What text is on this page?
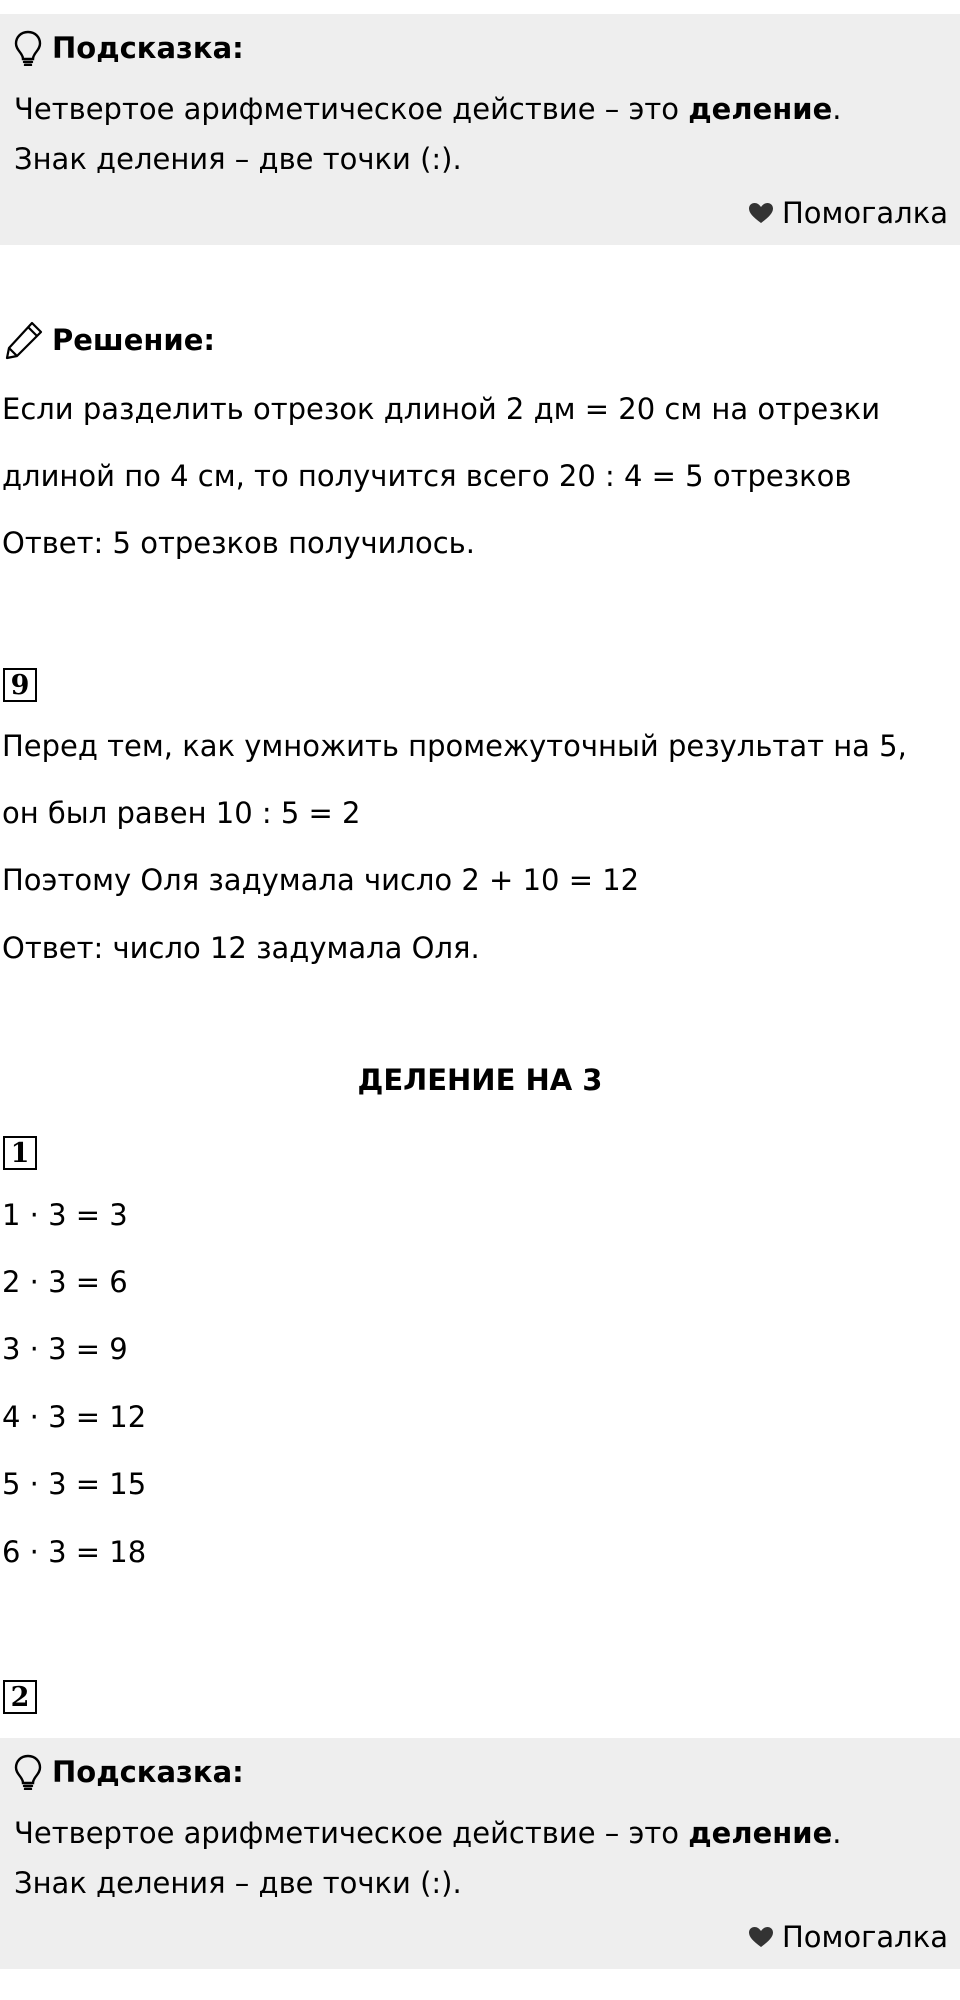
Подсказка:
Четвертое арифметическое действие – это деление.
Знак деления – две точки (:).
Помогалка
Решение:
Если разделить отрезок длиной 2 дм = 20 см на отрезки
длиной по 4 см, то получится всего 20 : 4 = 5 отрезков
Ответ: 5 отрезков получилось.
9
Перед тем, как умножить промежуточный результат на 5,
он был равен 10 : 5 = 2
Поэтому Оля задумала число 2 + 10 = 12
Ответ: число 12 задумала Оля.
ДЕЛЕНИЕ НА 3
1
1 · 3 = 3
2 · 3 = 6
3 · 3 = 9
4 · 3 = 12
5 · 3 = 15
6 · 3 = 18
2
Подсказка:
Четвертое арифметическое действие – это деление.
Знак деления – две точки (:).
Помогалка
